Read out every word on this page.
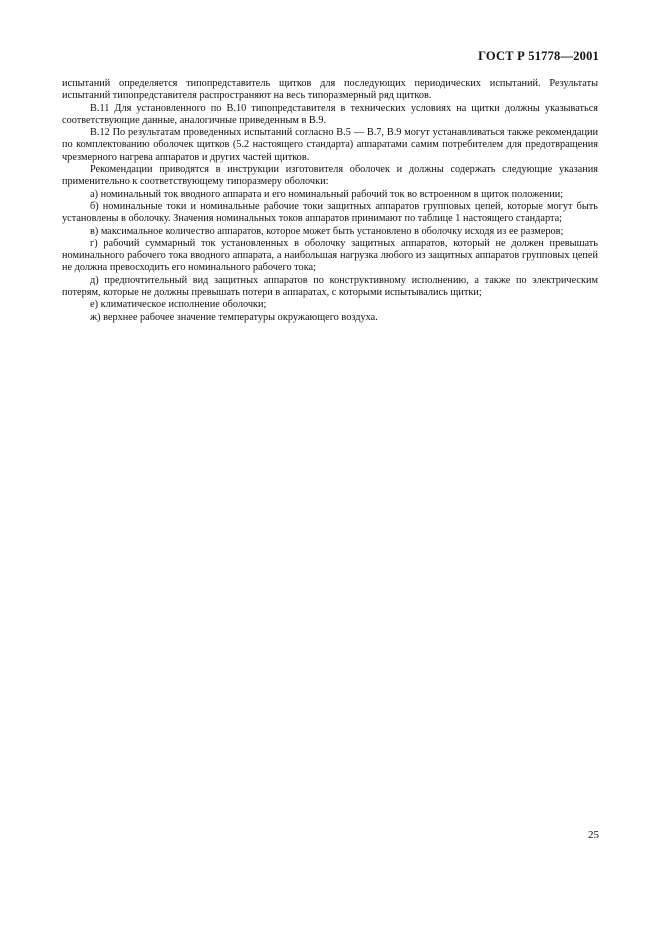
ГОСТ Р 51778—2001

испытаний определяется типопредставитель щитков для последующих периодических испытаний. Результаты испытаний типопредставителя распространяют на весь типоразмерный ряд щитков.

В.11 Для установленного по В.10 типопредставителя в технических условиях на щитки должны указываться соответствующие данные, аналогичные приведенным в В.9.

В.12 По результатам проведенных испытаний согласно В.5 — В.7, В.9 могут устанавливаться также рекомендации по комплектованию оболочек щитков (5.2 настоящего стандарта) аппаратами самим потребителем для предотвращения чрезмерного нагрева аппаратов и других частей щитков.

Рекомендации приводятся в инструкции изготовителя оболочек и должны содержать следующие указания применительно к соответствующему типоразмеру оболочки:

а) номинальный ток вводного аппарата и его номинальный рабочий ток во встроенном в щиток положении;

б) номинальные токи и номинальные рабочие токи защитных аппаратов групповых цепей, которые могут быть установлены в оболочку. Значения номинальных токов аппаратов принимают по таблице 1 настоящего стандарта;

в) максимальное количество аппаратов, которое может быть установлено в оболочку исходя из ее размеров;

г) рабочий суммарный ток установленных в оболочку защитных аппаратов, который не должен превышать номинального рабочего тока вводного аппарата, а наибольшая нагрузка любого из защитных аппаратов групповых цепей не должна превосходить его номинального рабочего тока;

д) предпочтительный вид защитных аппаратов по конструктивному исполнению, а также по электрическим потерям, которые не должны превышать потери в аппаратах, с которыми испытывались щитки;

е) климатическое исполнение оболочки;

ж) верхнее рабочее значение температуры окружающего воздуха.

25
